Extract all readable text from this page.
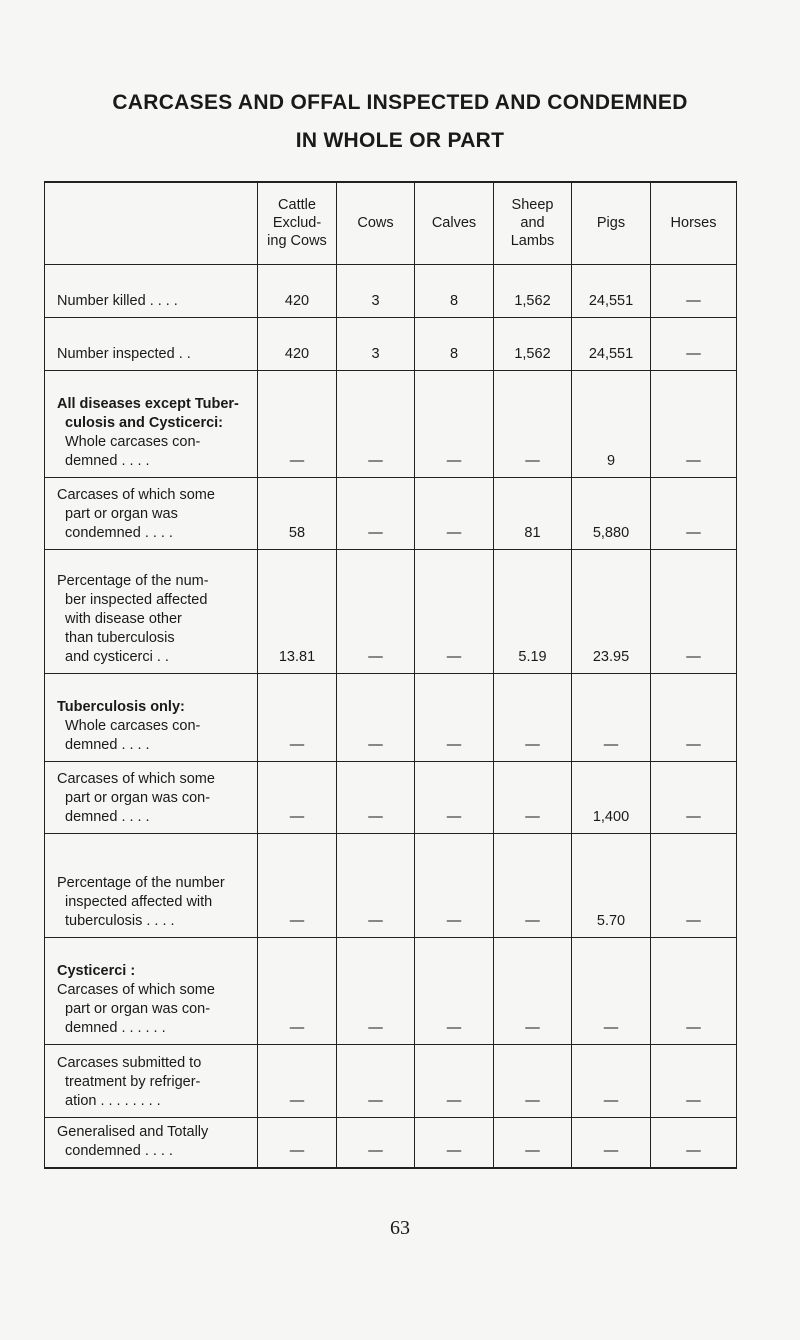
CARCASES AND OFFAL INSPECTED AND CONDEMNED
IN WHOLE OR PART
	Cattle
Exclud-
ing Cows	Cows	Calves	Sheep
and
Lambs	Pigs	Horses
Number killed ....	420	3	8	1,562	24,551	—
Number inspected ..	420	3	8	1,562	24,551	—
All diseases except Tuber-
culosis and Cysticerci:
Whole carcases con-
demned ....	—	—	—	—	9	—
Carcases of which some
part or organ was
condemned ....	58	—	—	81	5,880	—
Percentage of the num-
ber inspected affected
with disease other
than tuberculosis
and cysticerci ..	13.81	—	—	5.19	23.95	—
Tuberculosis only:
Whole carcases con-
demned ....	—	—	—	—	—	—
Carcases of which some
part or organ was con-
demned ....	—	—	—	—	1,400	—
Percentage of the number
inspected affected with
tuberculosis ....	—	—	—	—	5.70	—
Cysticerci :
Carcases of which some
part or organ was con-
demned ......	—	—	—	—	—	—
Carcases submitted to
treatment by refriger-
ation ........	—	—	—	—	—	—
Generalised and Totally
condemned ....	—	—	—	—	—	—
63
